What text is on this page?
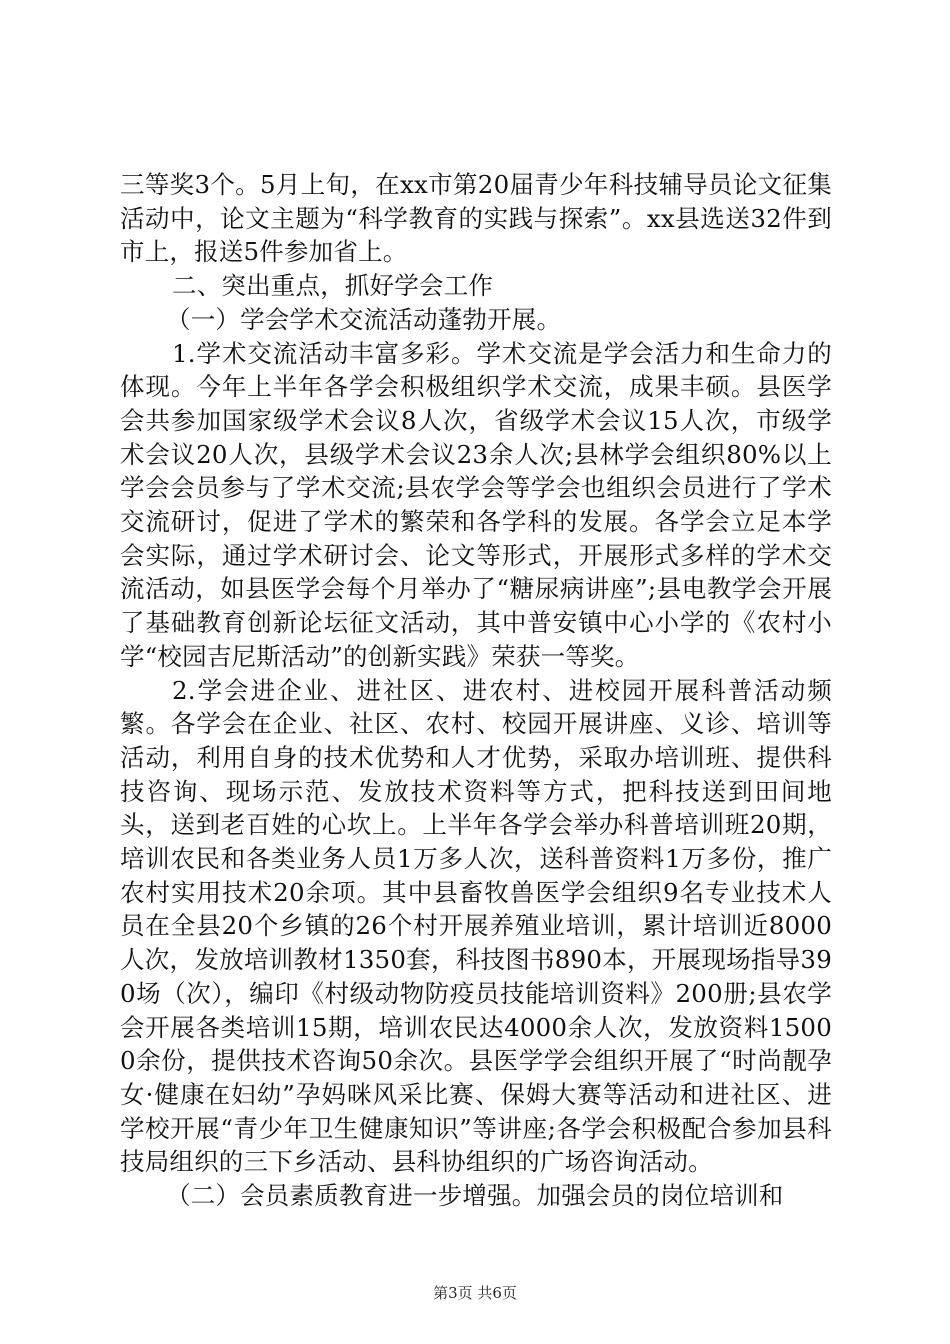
三等奖3个。5月上旬，在xx市第20届青少年科技辅导员论文征集活动中，论文主题为“科学教育的实践与探索”。xx县选送32件到市上，报送5件参加省上。

二、突出重点，抓好学会工作

（一）学会学术交流活动蓬勃开展。

1.学术交流活动丰富多彩。学术交流是学会活力和生命力的体现。今年上半年各学会积极组织学术交流，成果丰硕。县医学会共参加国家级学术会议8人次，省级学术会议15人次，市级学术会议20人次，县级学术会议23余人次;县林学会组织80%以上学会会员参与了学术交流;县农学会等学会也组织会员进行了学术交流研讨，促进了学术的繁荣和各学科的发展。各学会立足本学会实际，通过学术研讨会、论文等形式，开展形式多样的学术交流活动，如县医学会每个月举办了“糖尿病讲座”;县电教学会开展了基础教育创新论坛征文活动，其中普安镇中心小学的《农村小学“校园吉尼斯活动”的创新实践》荣获一等奖。

2.学会进企业、进社区、进农村、进校园开展科普活动频繁。各学会在企业、社区、农村、校园开展讲座、义诊、培训等活动，利用自身的技术优势和人才优势，采取办培训班、提供科技咨询、现场示范、发放技术资料等方式，把科技送到田间地头，送到老百姓的心坎上。上半年各学会举办科普培训班20期，培训农民和各类业务人员1万多人次，送科普资料1万多份，推广农村实用技术20余项。其中县畜牧兽医学会组织9名专业技术人员在全县20个乡镇的26个村开展养殖业培训，累计培训近8000人次，发放培训教材1350套，科技图书890本，开展现场指导390场（次），编印《村级动物防疫员技能培训资料》200册;县农学会开展各类培训15期，培训农民达4000余人次，发放资料15000余份，提供技术咨询50余次。县医学学会组织开展了“时尚靓孕女·健康在妇幼”孕妈咪风采比赛、保姆大赛等活动和进社区、进学校开展“青少年卫生健康知识”等讲座;各学会积极配合参加县科技局组织的三下乡活动、县科协组织的广场咨询活动。

（二）会员素质教育进一步增强。加强会员的岗位培训和

第3页 共6页
